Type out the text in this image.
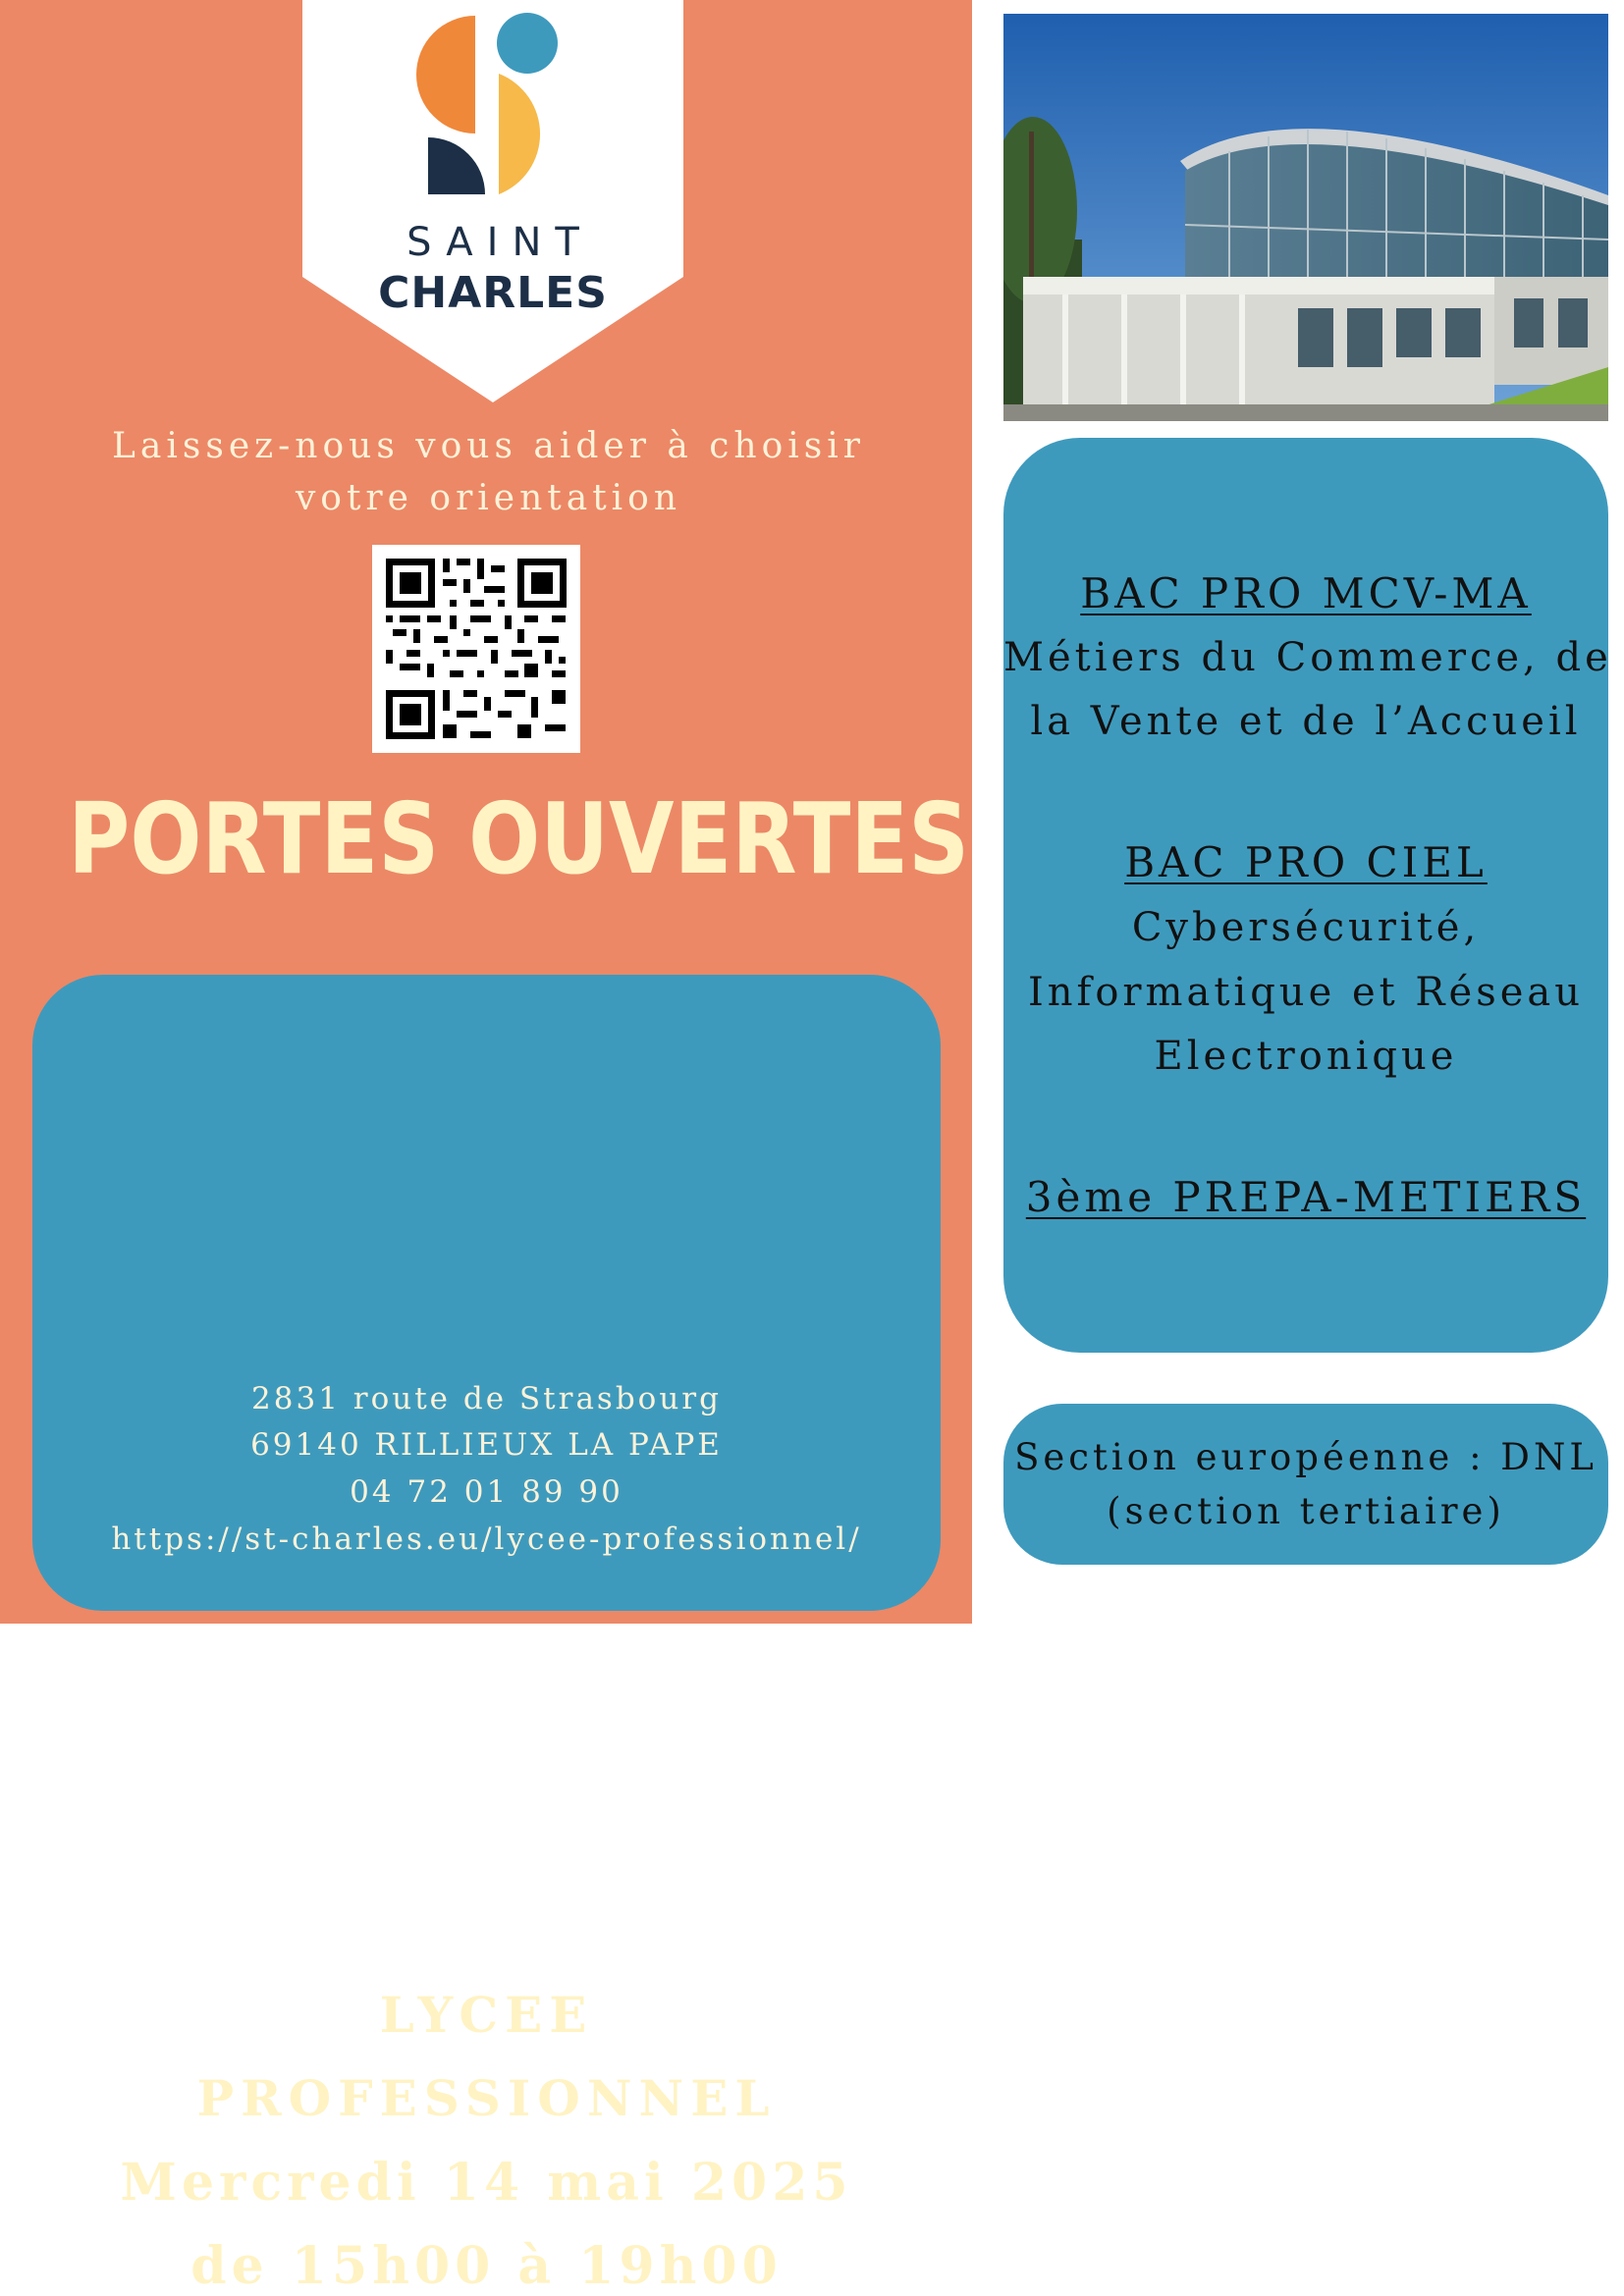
SAINT
CHARLES
Laissez-nous vous aider à choisir
votre orientation
PORTES OUVERTES
LYCEE
PROFESSIONNEL
Mercredi 14 mai 2025
de 15h00 à 19h00
2831 route de Strasbourg
69140 RILLIEUX LA PAPE
04 72 01 89 90
https://st-charles.eu/lycee-professionnel/
BAC PRO MCV-MA
Métiers du Commerce, de
la Vente et de l’Accueil
BAC PRO CIEL
Cybersécurité,
Informatique et Réseau
Electronique
3ème PREPA-METIERS
Section européenne : DNL
(section tertiaire)
